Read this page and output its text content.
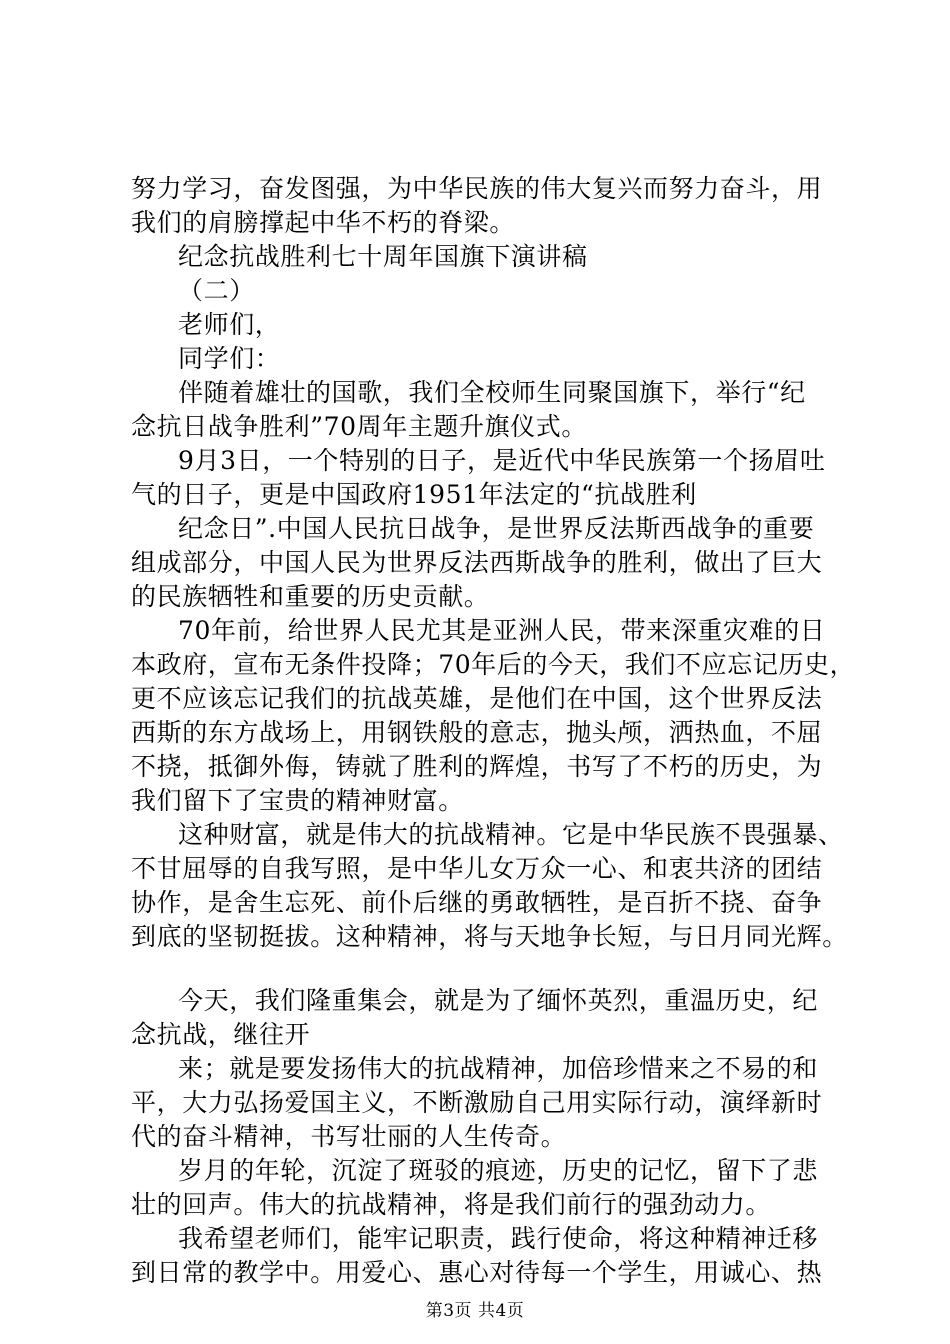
努力学习，奋发图强，为中华民族的伟大复兴而努力奋斗，用

我们的肩膀撑起中华不朽的脊梁。

纪念抗战胜利七十周年国旗下演讲稿

（二）

老师们，

同学们：

伴随着雄壮的国歌，我们全校师生同聚国旗下，举行“纪

念抗日战争胜利”70周年主题升旗仪式。

9月3日，一个特别的日子，是近代中华民族第一个扬眉吐

气的日子，更是中国政府1951年法定的“抗战胜利

纪念日”.中国人民抗日战争，是世界反法斯西战争的重要

组成部分，中国人民为世界反法西斯战争的胜利，做出了巨大

的民族牺牲和重要的历史贡献。

70年前，给世界人民尤其是亚洲人民，带来深重灾难的日

本政府，宣布无条件投降；70年后的今天，我们不应忘记历史，

更不应该忘记我们的抗战英雄，是他们在中国，这个世界反法

西斯的东方战场上，用钢铁般的意志，抛头颅，洒热血，不屈

不挠，抵御外侮，铸就了胜利的辉煌，书写了不朽的历史，为

我们留下了宝贵的精神财富。

这种财富，就是伟大的抗战精神。它是中华民族不畏强暴、

不甘屈辱的自我写照，是中华儿女万众一心、和衷共济的团结

协作，是舍生忘死、前仆后继的勇敢牺牲，是百折不挠、奋争

到底的坚韧挺拔。这种精神，将与天地争长短，与日月同光辉。

今天，我们隆重集会，就是为了缅怀英烈，重温历史，纪

念抗战，继往开

来；就是要发扬伟大的抗战精神，加倍珍惜来之不易的和

平，大力弘扬爱国主义，不断激励自己用实际行动，演绎新时

代的奋斗精神，书写壮丽的人生传奇。

岁月的年轮，沉淀了斑驳的痕迹，历史的记忆，留下了悲

壮的回声。伟大的抗战精神，将是我们前行的强劲动力。

我希望老师们，能牢记职责，践行使命，将这种精神迁移

到日常的教学中。用爱心、惠心对待每一个学生，用诚心、热

第3页 共4页
